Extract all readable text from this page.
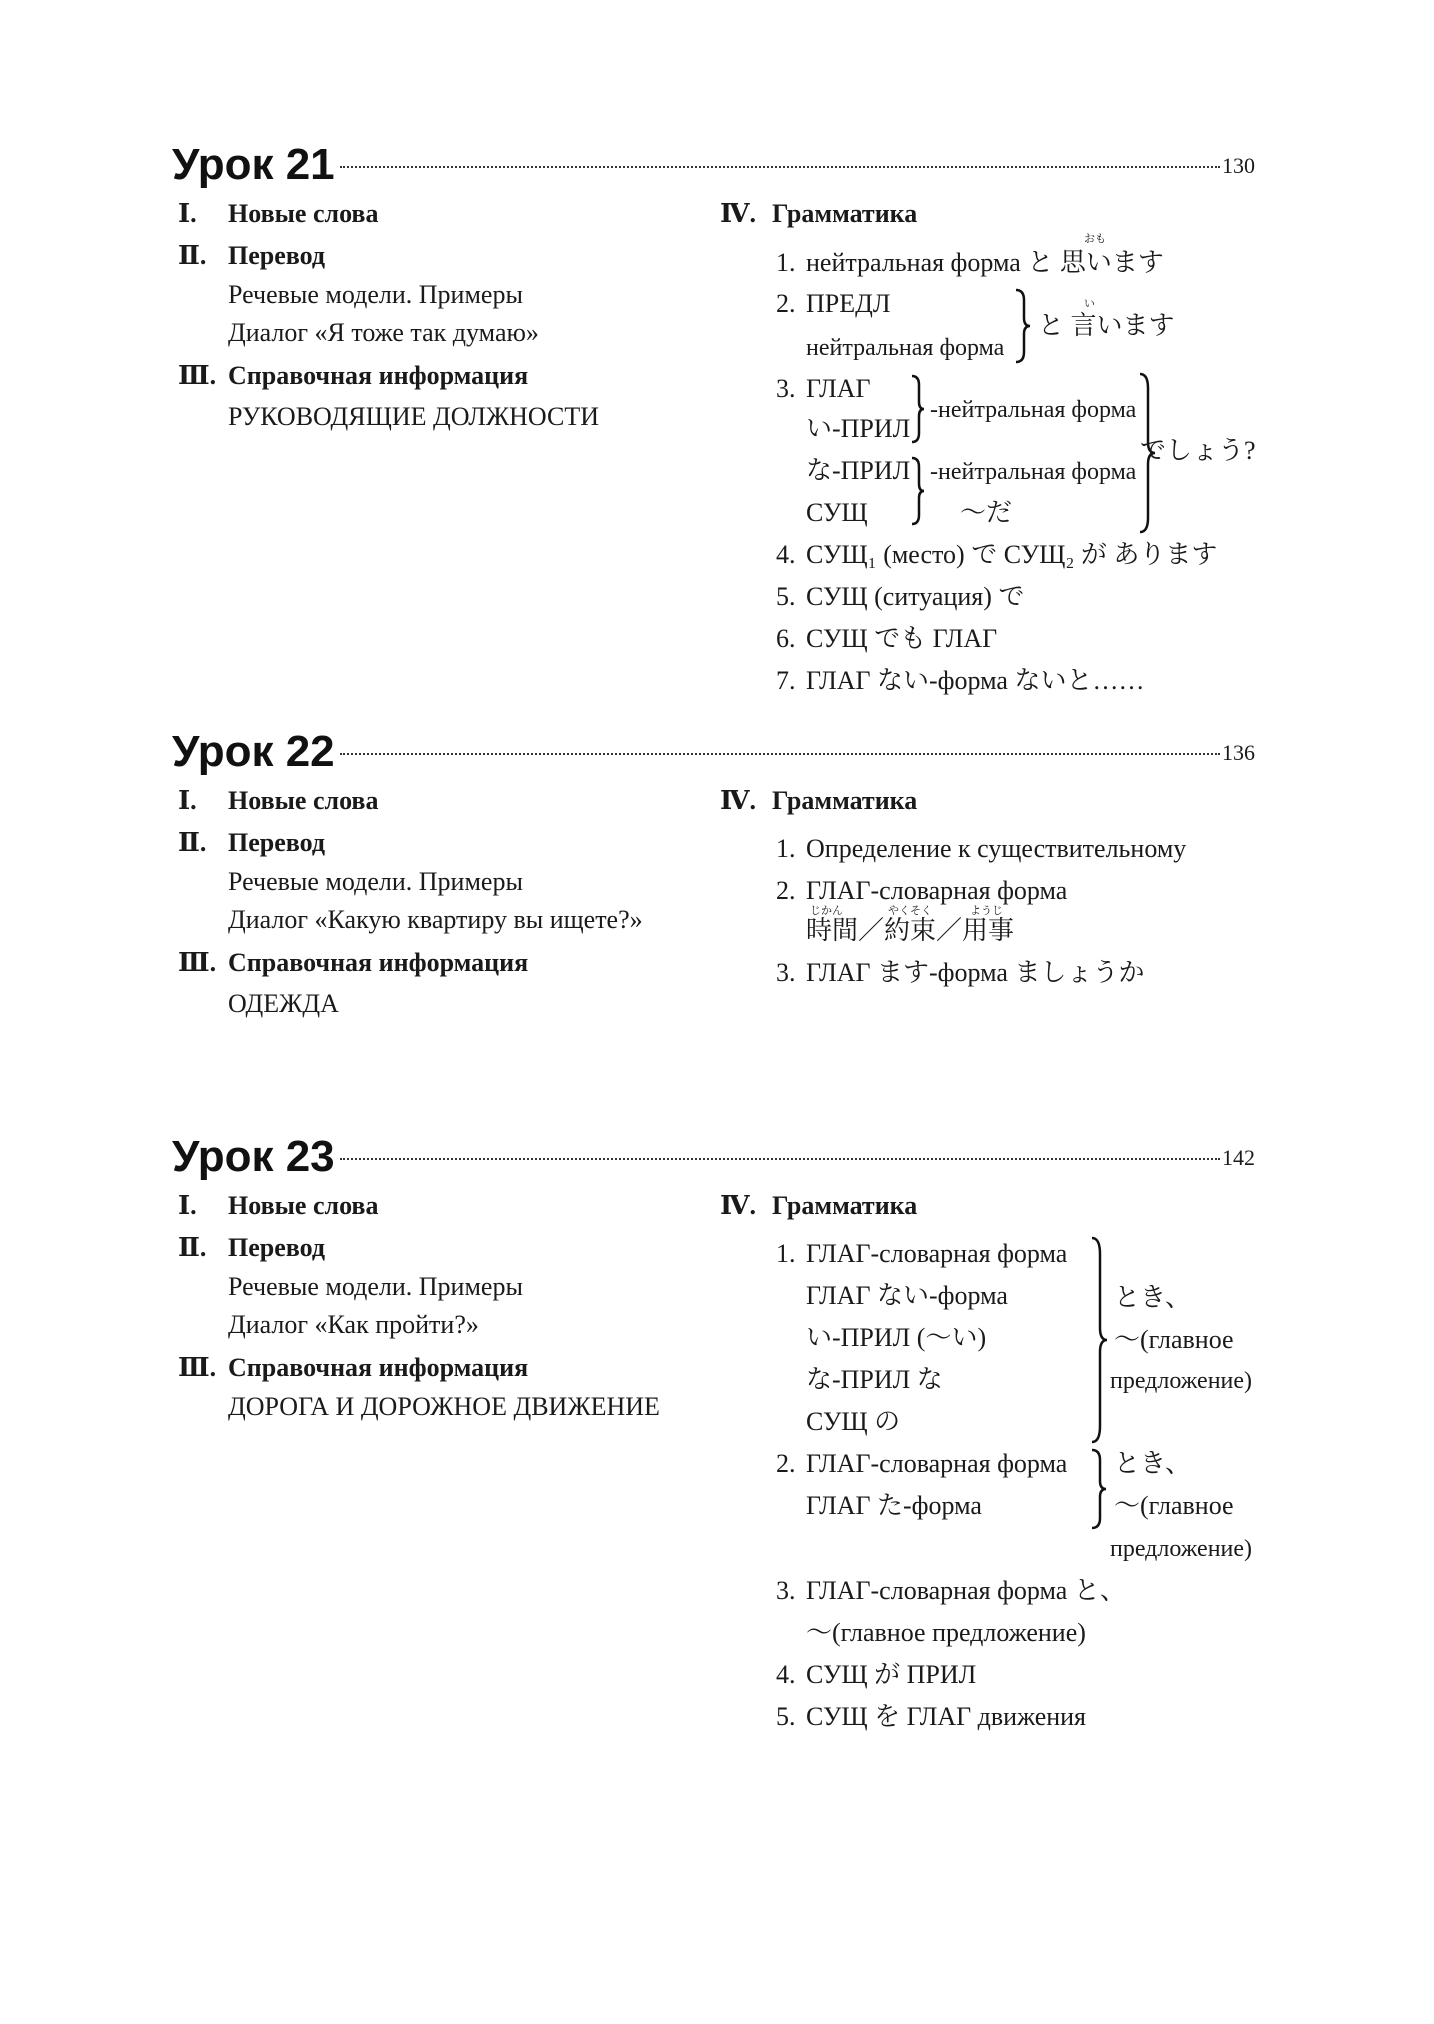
Урок 21	130
Ⅰ. Новые слова
Ⅱ. Перевод
Речевые модели. Примеры
Диалог «Я тоже так думаю»
Ⅲ. Справочная информация
РУКОВОДЯЩИЕ ДОЛЖНОСТИ
Ⅳ. Грамматика
1.
おも
нейтральная форма と 思います
2. ПРЕДЛ
нейтральная форма
い
と 言います
3. ГЛАГ
い-ПРИЛ
な-ПРИЛ
СУЩ
-нейтральная форма
-нейтральная форма
～だ
でしょう?
4. СУЩ₁ (место) で СУЩ₂ が あります
5. СУЩ (ситуация) で
6. СУЩ でも ГЛАГ
7. ГЛАГ ない-форма ないと……
Урок 22	136
Ⅰ. Новые слова
Ⅱ. Перевод
Речевые модели. Примеры
Диалог «Какую квартиру вы ищете?»
Ⅲ. Справочная информация
ОДЕЖДА
Ⅳ. Грамматика
1. Определение к существительному
2. ГЛАГ-словарная форма
じかん	やくそく	ようじ
時間／約束／用事
3. ГЛАГ ます-форма ましょうか
Урок 23	142
Ⅰ. Новые слова
Ⅱ. Перевод
Речевые модели. Примеры
Диалог «Как пройти?»
Ⅲ. Справочная информация
ДОРОГА И ДОРОЖНОЕ ДВИЖЕНИЕ
Ⅳ. Грамматика
1. ГЛАГ-словарная форма
ГЛАГ ない-форма
い-ПРИЛ (～い)
な-ПРИЛ な
СУЩ の
とき、
～(главное
предложение)
2. ГЛАГ-словарная форма
ГЛАГ た-форма
とき、
～(главное
предложение)
3. ГЛАГ-словарная форма と、
～(главное предложение)
4. СУЩ が ПРИЛ
5. СУЩ を ГЛАГ движения
